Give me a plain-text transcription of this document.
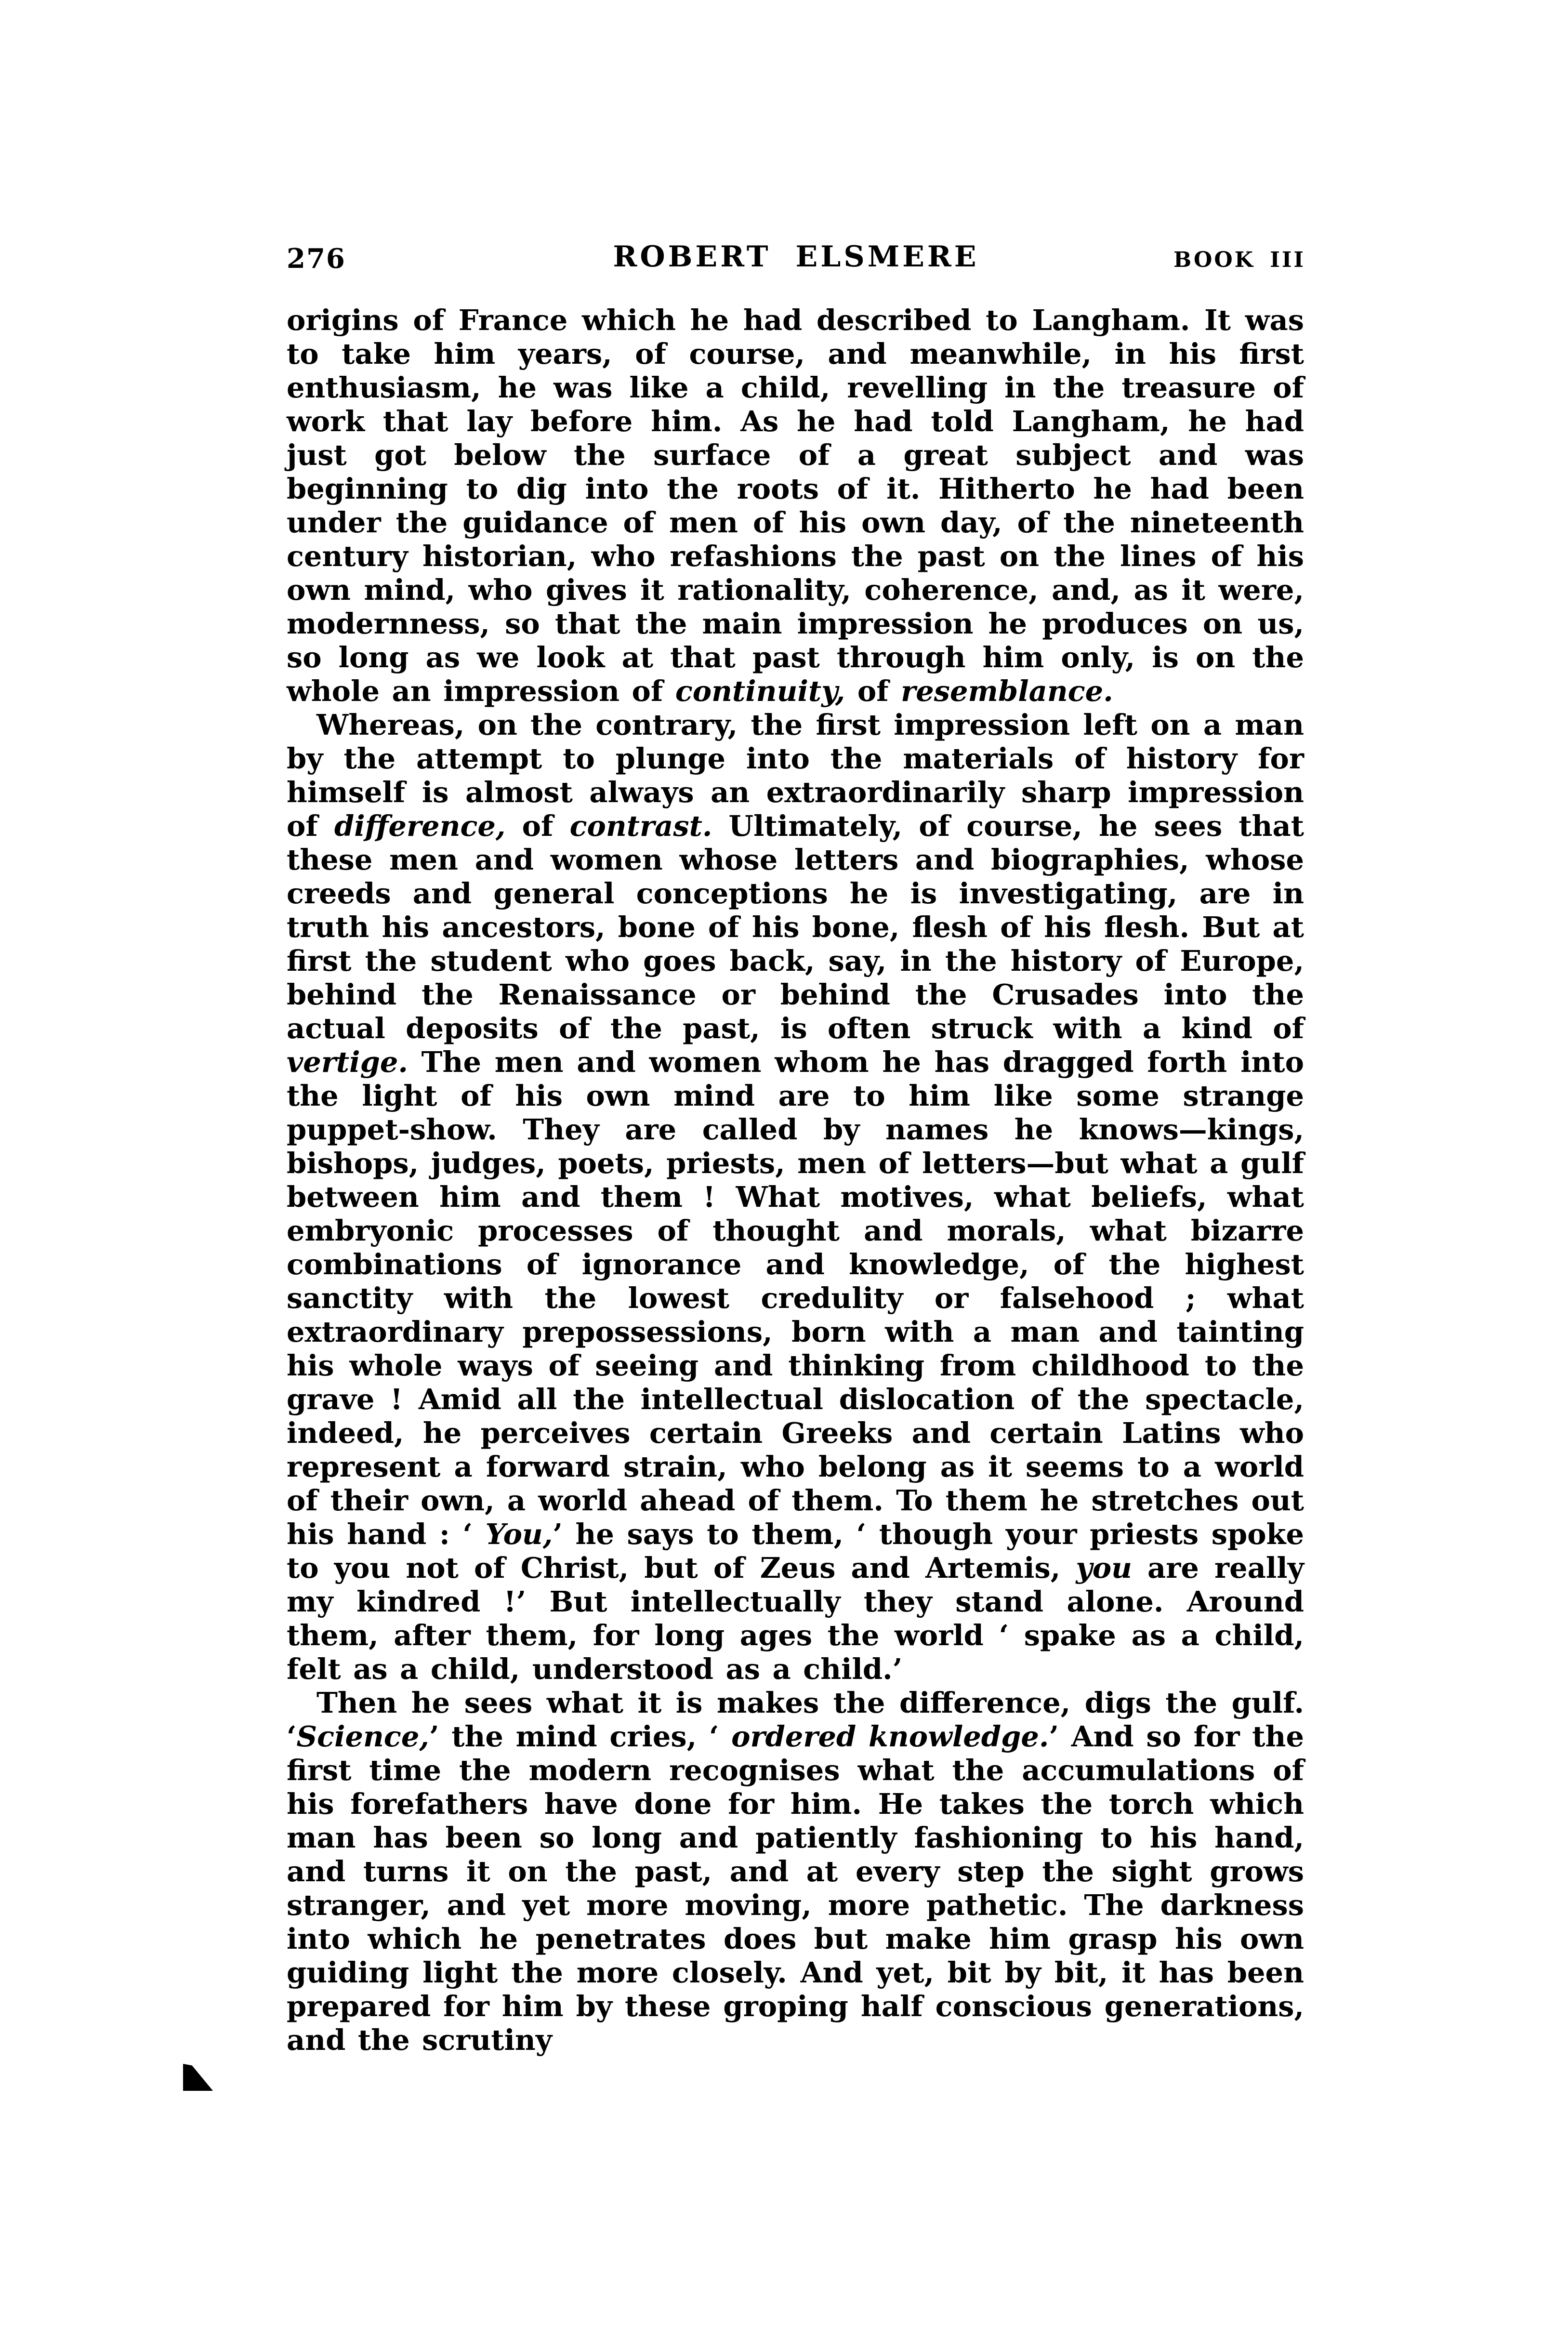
276	ROBERT ELSMERE	BOOK III

origins of France which he had described to Langham. It was to take him years, of course, and meanwhile, in his first enthusiasm, he was like a child, revelling in the treasure of work that lay before him. As he had told Langham, he had just got below the surface of a great subject and was beginning to dig into the roots of it. Hitherto he had been under the guidance of men of his own day, of the nineteenth century historian, who refashions the past on the lines of his own mind, who gives it rationality, coherence, and, as it were, modernness, so that the main impression he produces on us, so long as we look at that past through him only, is on the whole an impression of continuity, of resemblance.

Whereas, on the contrary, the first impression left on a man by the attempt to plunge into the materials of history for himself is almost always an extraordinarily sharp impression of difference, of contrast. Ultimately, of course, he sees that these men and women whose letters and biographies, whose creeds and general conceptions he is investigating, are in truth his ancestors, bone of his bone, flesh of his flesh. But at first the student who goes back, say, in the history of Europe, behind the Renaissance or behind the Crusades into the actual deposits of the past, is often struck with a kind of vertige. The men and women whom he has dragged forth into the light of his own mind are to him like some strange puppet-show. They are called by names he knows—kings, bishops, judges, poets, priests, men of letters—but what a gulf between him and them ! What motives, what beliefs, what embryonic processes of thought and morals, what bizarre combinations of ignorance and knowledge, of the highest sanctity with the lowest credulity or falsehood ; what extraordinary prepossessions, born with a man and tainting his whole ways of seeing and thinking from childhood to the grave ! Amid all the intellectual dislocation of the spectacle, indeed, he perceives certain Greeks and certain Latins who represent a forward strain, who belong as it seems to a world of their own, a world ahead of them. To them he stretches out his hand : ‘ You,’ he says to them, ‘ though your priests spoke to you not of Christ, but of Zeus and Artemis, you are really my kindred !’ But intellectually they stand alone. Around them, after them, for long ages the world ‘ spake as a child, felt as a child, understood as a child.’

Then he sees what it is makes the difference, digs the gulf. ‘Science,’ the mind cries, ‘ ordered knowledge.’ And so for the first time the modern recognises what the accumulations of his forefathers have done for him. He takes the torch which man has been so long and patiently fashioning to his hand, and turns it on the past, and at every step the sight grows stranger, and yet more moving, more pathetic. The darkness into which he penetrates does but make him grasp his own guiding light the more closely. And yet, bit by bit, it has been prepared for him by these groping half conscious generations, and the scrutiny
